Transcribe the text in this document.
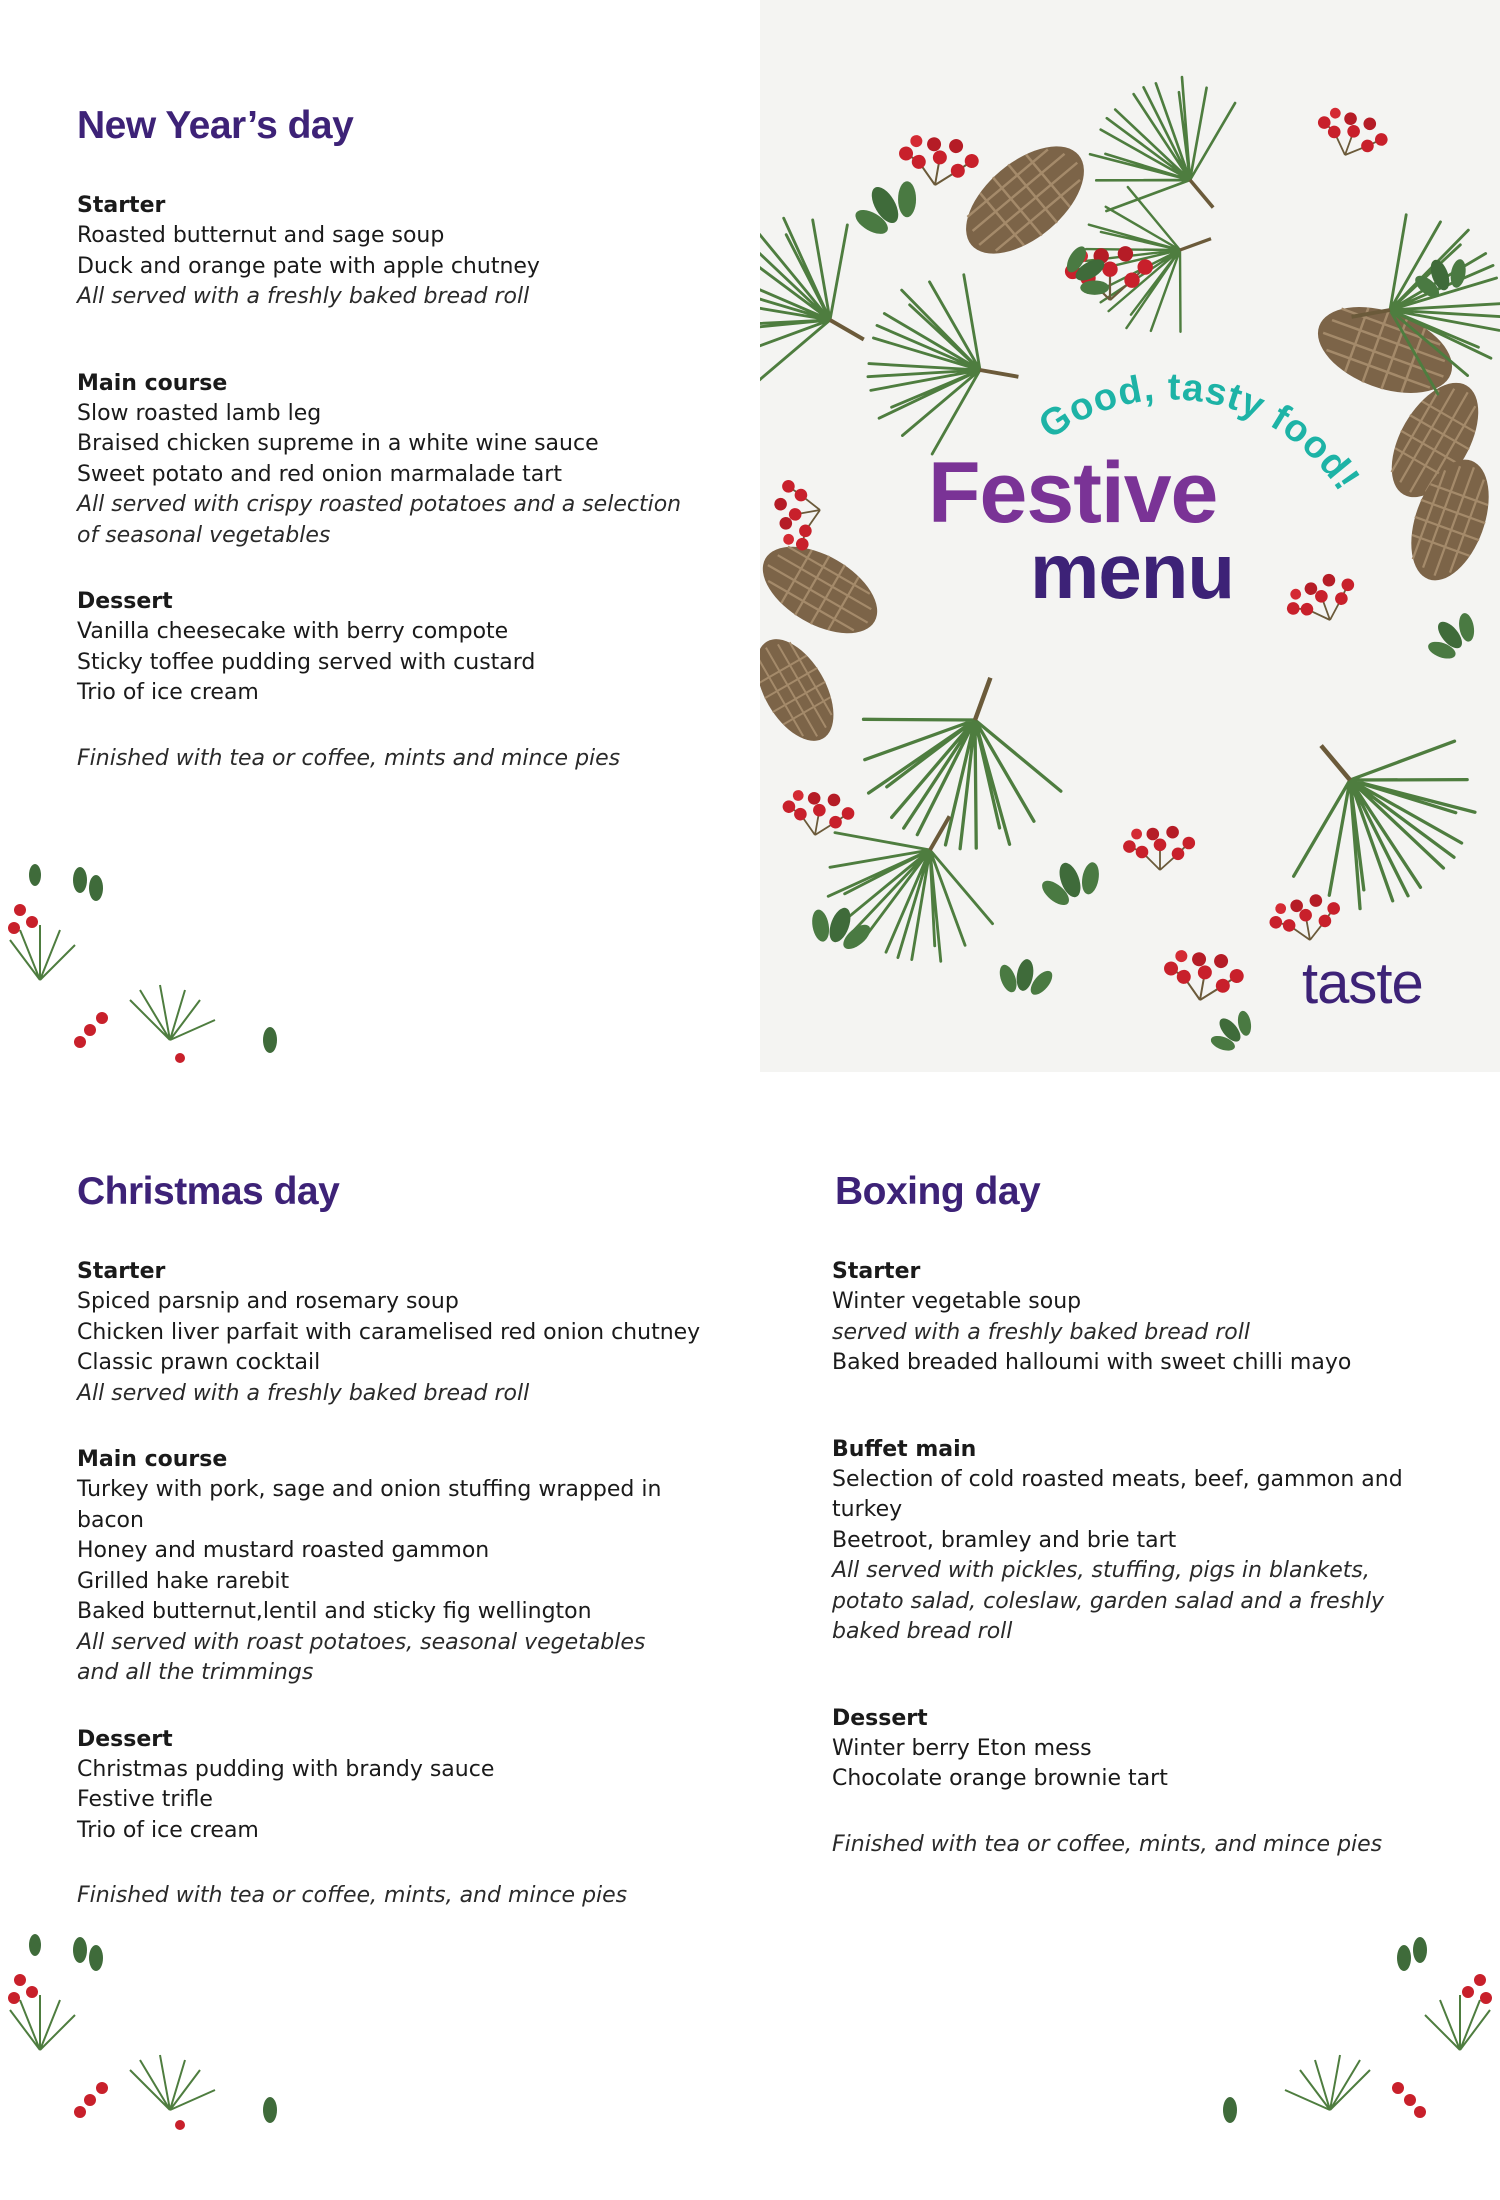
New Year’s day
Starter
Roasted butternut and sage soup
Duck and orange pate with apple chutney
All served with a freshly baked bread roll
Main course
Slow roasted lamb leg
Braised chicken supreme in a white wine sauce
Sweet potato and red onion marmalade tart
All served with crispy roasted potatoes and a selection
of seasonal vegetables
Dessert
Vanilla cheesecake with berry compote
Sticky toffee pudding served with custard
Trio of ice cream
Finished with tea or coffee, mints and mince pies
Good, tasty food!
Festive
menu
taste
Christmas day
Starter
Spiced parsnip and rosemary soup
Chicken liver parfait with caramelised red onion chutney
Classic prawn cocktail
All served with a freshly baked bread roll
Main course
Turkey with pork, sage and onion stuffing wrapped in
bacon
Honey and mustard roasted gammon
Grilled hake rarebit
Baked butternut,lentil and sticky fig wellington
All served with roast potatoes, seasonal vegetables
and all the trimmings
Dessert
Christmas pudding with brandy sauce
Festive trifle
Trio of ice cream
Finished with tea or coffee, mints, and mince pies
Boxing day
Starter
Winter vegetable soup
served with a freshly baked bread roll
Baked breaded halloumi with sweet chilli mayo
Buffet main
Selection of cold roasted meats, beef, gammon and
turkey
Beetroot, bramley and brie tart
All served with pickles, stuffing, pigs in blankets,
potato salad, coleslaw, garden salad and a freshly
baked bread roll
Dessert
Winter berry Eton mess
Chocolate orange brownie tart
Finished with tea or coffee, mints, and mince pies
